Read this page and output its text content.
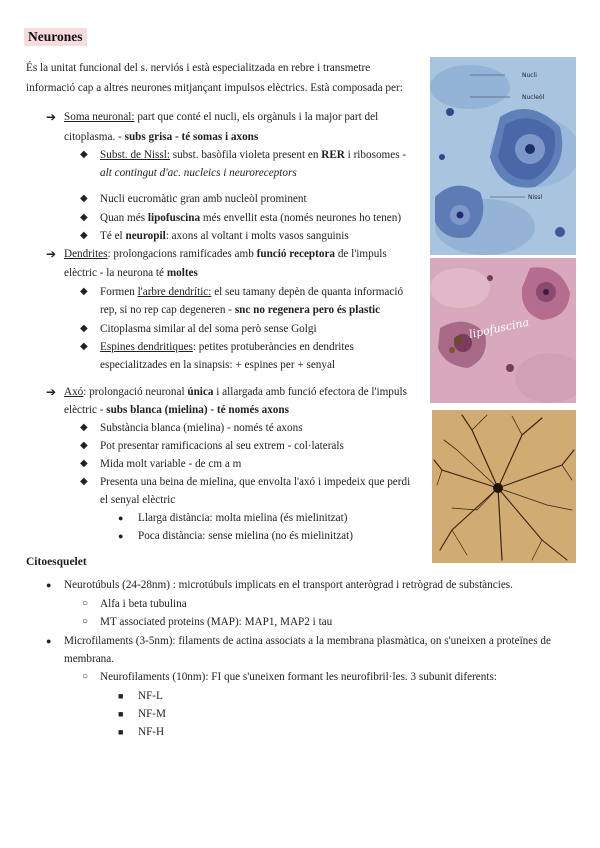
Neurones
És la unitat funcional del s. nerviós i està especialitzada en rebre i transmetre
informació cap a altres neurones mitjançant impulsos elèctrics. Està composada per:
➔ Soma neuronal: part que conté el nucli, els orgànuls i la major part del
citoplasma. - subs grisa - té somas i axons
◆ Subst. de Nissl: subst. basòfila violeta present en RER i ribosomes -
alt contingut d'ac. nucleics i neuroreceptors
◆ Nucli eucromàtic gran amb nucleòl prominent
◆ Quan més lipofuscina més envellit esta (només neurones ho tenen)
◆ Té el neuropil: axons al voltant i molts vasos sanguinis
➔ Dendrites: prolongacions ramificades amb funció receptora de l'impuls
elèctric - la neurona té moltes
◆ Formen l'arbre dendrític: el seu tamany depèn de quanta informació
rep, si no rep cap degeneren - snc no regenera pero és plastic
◆ Citoplasma similar al del soma però sense Golgi
◆ Espines dendritiques: petites protuberàncies en dendrites
especialitzades en la sinapsis: + espines per + senyal
➔ Axó: prolongació neuronal única i allargada amb funció efectora de l'impuls
elèctric - subs blanca (mielina) - té només axons
◆ Substància blanca (mielina) - només té axons
◆ Pot presentar ramificacions al seu extrem - col·laterals
◆ Mida molt variable - de cm a m
◆ Presenta una beina de mielina, que envolta l'axó i impedeix que perdi
el senyal elèctric
● Llarga distància: molta mielina (és mielinitzat)
● Poca distància: sense mielina (no és mielinitzat)
Citoesquelet
● Neurotúbuls (24-28nm) : microtúbuls implicats en el transport anterògrad i retrògrad de substàncies.
○ Alfa i beta tubulina
○ MT associated proteins (MAP): MAP1, MAP2 i tau
● Microfilaments (3-5nm): filaments de actina associats a la membrana plasmàtica, on s'uneixen a proteïnes de
membrana.
○ Neurofilaments (10nm): FI que s'uneixen formant les neurofibril·les. 3 subunit diferents:
■ NF-L
■ NF-M
■ NF-H
Nucli
Nucleòl
Nissl
lipofuscina
